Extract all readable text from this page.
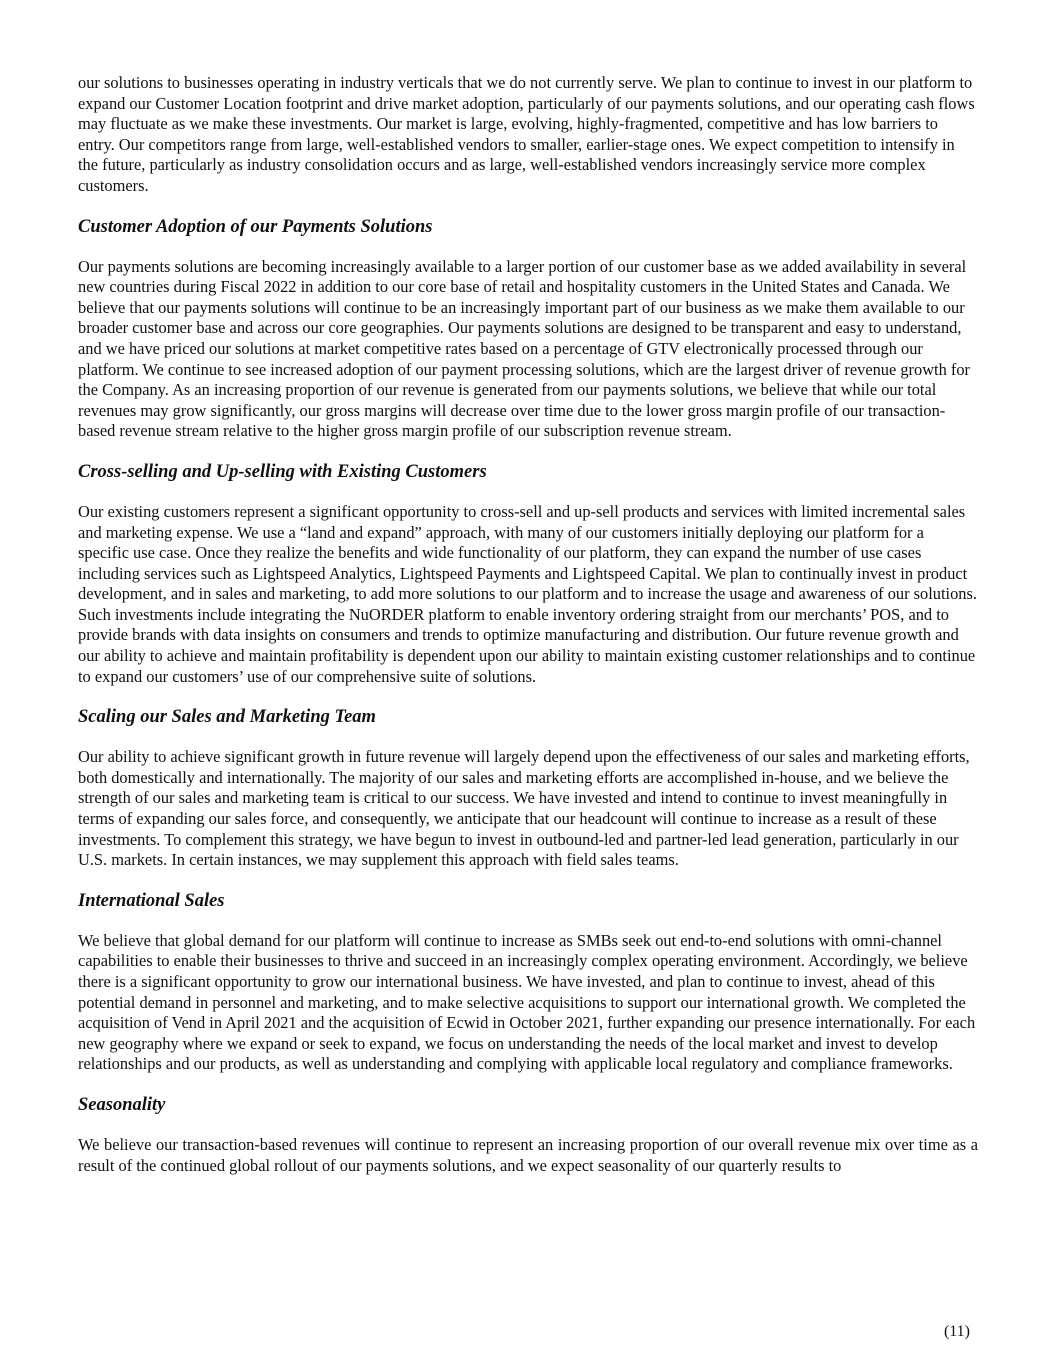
our solutions to businesses operating in industry verticals that we do not currently serve. We plan to continue to invest in our platform to expand our Customer Location footprint and drive market adoption, particularly of our payments solutions, and our operating cash flows may fluctuate as we make these investments. Our market is large, evolving, highly-fragmented, competitive and has low barriers to entry. Our competitors range from large, well-established vendors to smaller, earlier-stage ones. We expect competition to intensify in the future, particularly as industry consolidation occurs and as large, well-established vendors increasingly service more complex customers.

Customer Adoption of our Payments Solutions

Our payments solutions are becoming increasingly available to a larger portion of our customer base as we added availability in several new countries during Fiscal 2022 in addition to our core base of retail and hospitality customers in the United States and Canada. We believe that our payments solutions will continue to be an increasingly important part of our business as we make them available to our broader customer base and across our core geographies. Our payments solutions are designed to be transparent and easy to understand, and we have priced our solutions at market competitive rates based on a percentage of GTV electronically processed through our platform. We continue to see increased adoption of our payment processing solutions, which are the largest driver of revenue growth for the Company. As an increasing proportion of our revenue is generated from our payments solutions, we believe that while our total revenues may grow significantly, our gross margins will decrease over time due to the lower gross margin profile of our transaction-based revenue stream relative to the higher gross margin profile of our subscription revenue stream.

Cross-selling and Up-selling with Existing Customers

Our existing customers represent a significant opportunity to cross-sell and up-sell products and services with limited incremental sales and marketing expense. We use a “land and expand” approach, with many of our customers initially deploying our platform for a specific use case. Once they realize the benefits and wide functionality of our platform, they can expand the number of use cases including services such as Lightspeed Analytics, Lightspeed Payments and Lightspeed Capital. We plan to continually invest in product development, and in sales and marketing, to add more solutions to our platform and to increase the usage and awareness of our solutions. Such investments include integrating the NuORDER platform to enable inventory ordering straight from our merchants’ POS, and to provide brands with data insights on consumers and trends to optimize manufacturing and distribution. Our future revenue growth and our ability to achieve and maintain profitability is dependent upon our ability to maintain existing customer relationships and to continue to expand our customers’ use of our comprehensive suite of solutions.

Scaling our Sales and Marketing Team

Our ability to achieve significant growth in future revenue will largely depend upon the effectiveness of our sales and marketing efforts, both domestically and internationally. The majority of our sales and marketing efforts are accomplished in-house, and we believe the strength of our sales and marketing team is critical to our success. We have invested and intend to continue to invest meaningfully in terms of expanding our sales force, and consequently, we anticipate that our headcount will continue to increase as a result of these investments. To complement this strategy, we have begun to invest in outbound-led and partner-led lead generation, particularly in our U.S. markets. In certain instances, we may supplement this approach with field sales teams.

International Sales

We believe that global demand for our platform will continue to increase as SMBs seek out end-to-end solutions with omni-channel capabilities to enable their businesses to thrive and succeed in an increasingly complex operating environment. Accordingly, we believe there is a significant opportunity to grow our international business. We have invested, and plan to continue to invest, ahead of this potential demand in personnel and marketing, and to make selective acquisitions to support our international growth. We completed the acquisition of Vend in April 2021 and the acquisition of Ecwid in October 2021, further expanding our presence internationally. For each new geography where we expand or seek to expand, we focus on understanding the needs of the local market and invest to develop relationships and our products, as well as understanding and complying with applicable local regulatory and compliance frameworks.

Seasonality

We believe our transaction-based revenues will continue to represent an increasing proportion of our overall revenue mix over time as a result of the continued global rollout of our payments solutions, and we expect seasonality of our quarterly results to

(11)
